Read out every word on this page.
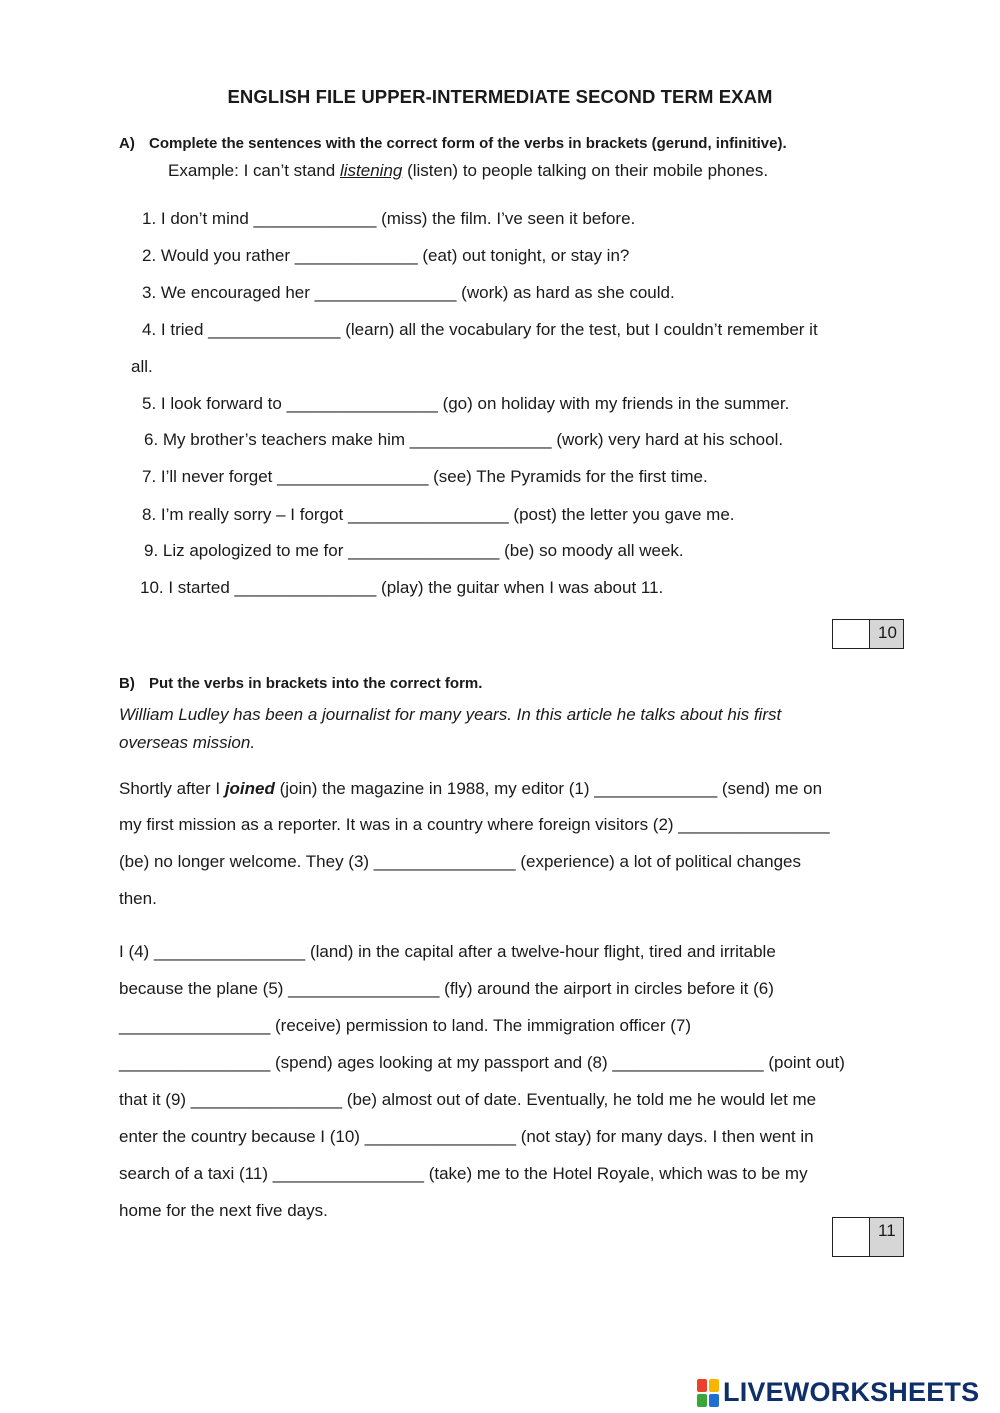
ENGLISH FILE UPPER-INTERMEDIATE SECOND TERM EXAM
A) Complete the sentences with the correct form of the verbs in brackets (gerund, infinitive).
Example: I can’t stand listening (listen) to people talking on their mobile phones.
1. I don’t mind _____________ (miss) the film. I’ve seen it before.
2. Would you rather _____________ (eat) out tonight, or stay in?
3. We encouraged her _______________ (work) as hard as she could.
4. I tried ______________ (learn) all the vocabulary for the test, but I couldn’t remember it
all.
5. I look forward to ________________ (go) on holiday with my friends in the summer.
6. My brother’s teachers make him _______________ (work) very hard at his school.
7. I’ll never forget ________________ (see) The Pyramids for the first time.
8. I’m really sorry – I forgot _________________ (post) the letter you gave me.
9. Liz apologized to me for ________________ (be) so moody all week.
10. I started _______________ (play) the guitar when I was about 11.
10
B) Put the verbs in brackets into the correct form.
William Ludley has been a journalist for many years. In this article he talks about his first
overseas mission.
Shortly after I joined (join) the magazine in 1988, my editor (1) _____________ (send) me on
my first mission as a reporter. It was in a country where foreign visitors (2) ________________
(be) no longer welcome. They (3) _______________ (experience) a lot of political changes
then.
I (4) ________________ (land) in the capital after a twelve-hour flight, tired and irritable
because the plane (5) ________________ (fly) around the airport in circles before it (6)
________________ (receive) permission to land. The immigration officer (7)
________________ (spend) ages looking at my passport and (8) ________________ (point out)
that it (9) ________________ (be) almost out of date. Eventually, he told me he would let me
enter the country because I (10) ________________ (not stay) for many days. I then went in
search of a taxi (11) ________________ (take) me to the Hotel Royale, which was to be my
home for the next five days.
11
LIVEWORKSHEETS
